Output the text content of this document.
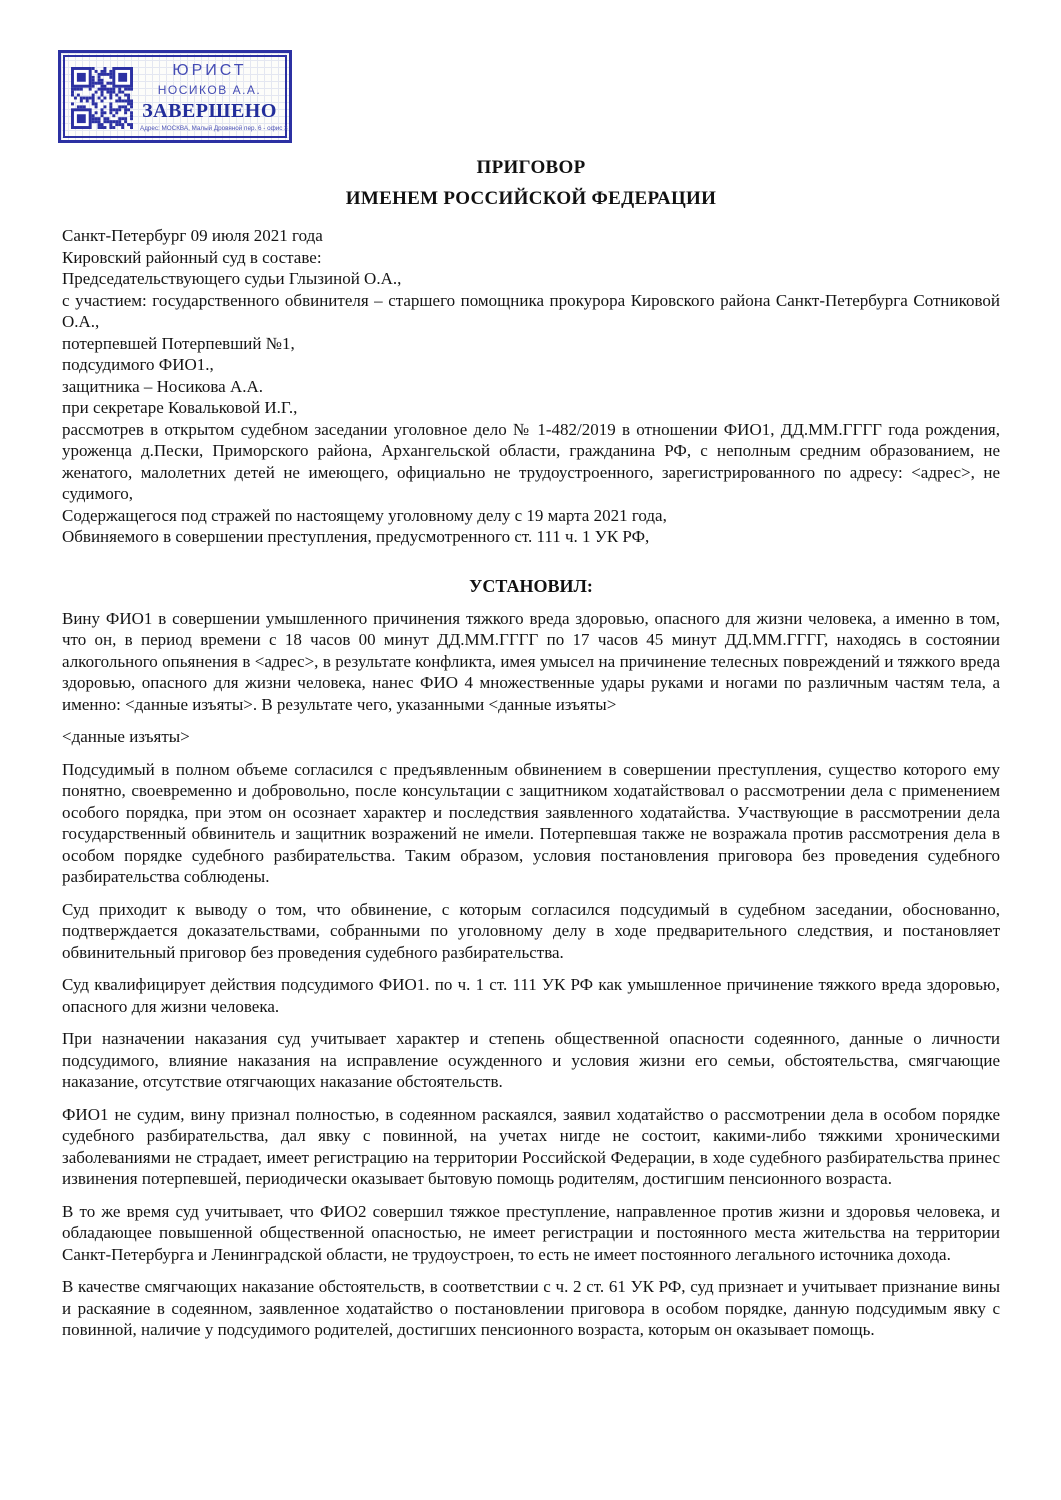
ЮРИСТ
НОСИКОВ А.А.
ЗАВЕРШЕНО
Адрес: МОСКВА, Малый Дровяной пер. 6 - офис 3
ПРИГОВОР
ИМЕНЕМ РОССИЙСКОЙ ФЕДЕРАЦИИ
Санкт-Петербург 09 июля 2021 года
Кировский районный суд в составе:
Председательствующего судьи Глызиной О.А.,
с участием: государственного обвинителя – старшего помощника прокурора Кировского района Санкт-Петербурга Сотниковой О.А.,
потерпевшей Потерпевший №1,
подсудимого ФИО1.,
защитника – Носикова А.А.
при секретаре Ковальковой И.Г.,
рассмотрев в открытом судебном заседании уголовное дело № 1-482/2019 в отношении ФИО1, ДД.ММ.ГГГГ года рождения, уроженца д.Пески, Приморского района, Архангельской области, гражданина РФ, с неполным средним образованием, не женатого, малолетних детей не имеющего, официально не трудоустроенного, зарегистрированного по адресу: <адрес>, не судимого,
Содержащегося под стражей по настоящему уголовному делу с 19 марта 2021 года,
Обвиняемого в совершении преступления, предусмотренного ст. 111 ч. 1 УК РФ,
УСТАНОВИЛ:

Вину ФИО1 в совершении умышленного причинения тяжкого вреда здоровью, опасного для жизни человека, а именно в том, что он, в период времени с 18 часов 00 минут ДД.ММ.ГГГГ по 17 часов 45 минут ДД.ММ.ГГГГ, находясь в состоянии алкогольного опьянения в <адрес>, в результате конфликта, имея умысел на причинение телесных повреждений и тяжкого вреда здоровью, опасного для жизни человека, нанес ФИО 4 множественные удары руками и ногами по различным частям тела, а именно: <данные изъяты>. В результате чего, указанными <данные изъяты>

<данные изъяты>

Подсудимый в полном объеме согласился с предъявленным обвинением в совершении преступления, существо которого ему понятно, своевременно и добровольно, после консультации с защитником ходатайствовал о рассмотрении дела с применением особого порядка, при этом он осознает характер и последствия заявленного ходатайства. Участвующие в рассмотрении дела государственный обвинитель и защитник возражений не имели. Потерпевшая также не возражала против рассмотрения дела в особом порядке судебного разбирательства. Таким образом, условия постановления приговора без проведения судебного разбирательства соблюдены.

Суд приходит к выводу о том, что обвинение, с которым согласился подсудимый в судебном заседании, обоснованно, подтверждается доказательствами, собранными по уголовному делу в ходе предварительного следствия, и постановляет обвинительный приговор без проведения судебного разбирательства.

Суд квалифицирует действия подсудимого ФИО1. по ч. 1 ст. 111 УК РФ как умышленное причинение тяжкого вреда здоровью, опасного для жизни человека.

При назначении наказания суд учитывает характер и степень общественной опасности содеянного, данные о личности подсудимого, влияние наказания на исправление осужденного и условия жизни его семьи, обстоятельства, смягчающие наказание, отсутствие отягчающих наказание обстоятельств.

ФИО1 не судим, вину признал полностью, в содеянном раскаялся, заявил ходатайство о рассмотрении дела в особом порядке судебного разбирательства, дал явку с повинной, на учетах нигде не состоит, какими-либо тяжкими хроническими заболеваниями не страдает, имеет регистрацию на территории Российской Федерации, в ходе судебного разбирательства принес извинения потерпевшей, периодически оказывает бытовую помощь родителям, достигшим пенсионного возраста.

В то же время суд учитывает, что ФИО2 совершил тяжкое преступление, направленное против жизни и здоровья человека, и обладающее повышенной общественной опасностью, не имеет регистрации и постоянного места жительства на территории Санкт-Петербурга и Ленинградской области, не трудоустроен, то есть не имеет постоянного легального источника дохода.

В качестве смягчающих наказание обстоятельств, в соответствии с ч. 2 ст. 61 УК РФ, суд признает и учитывает признание вины и раскаяние в содеянном, заявленное ходатайство о постановлении приговора в особом порядке, данную подсудимым явку с повинной, наличие у подсудимого родителей, достигших пенсионного возраста, которым он оказывает помощь.
